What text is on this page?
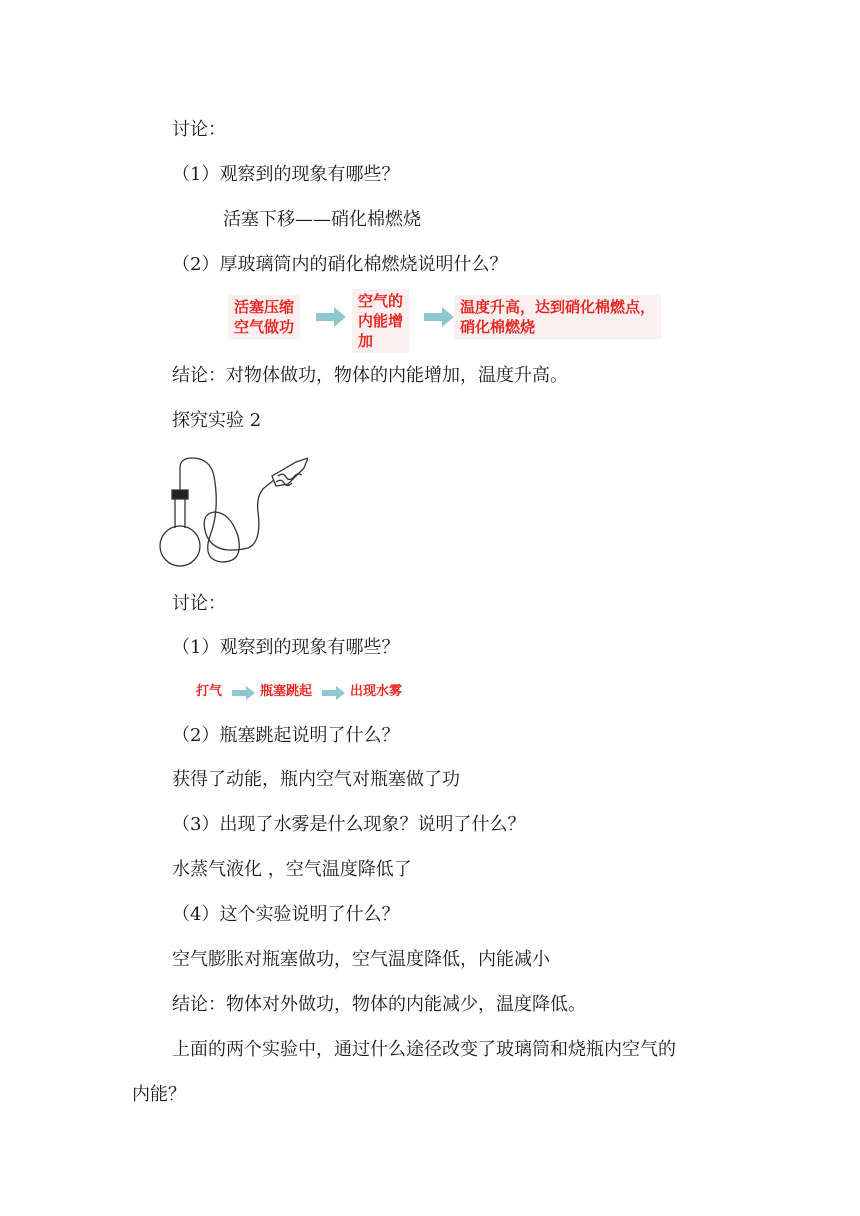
讨论：
（1）观察到的现象有哪些？
活塞下移——硝化棉燃烧
（2）厚玻璃筒内的硝化棉燃烧说明什么？
活塞压缩
空气做功
空气的
内能增
加
温度升高，达到硝化棉燃点，
硝化棉燃烧
结论：对物体做功，物体的内能增加，温度升高。
探究实验 2
讨论：
（1）观察到的现象有哪些？
打气	瓶塞跳起	出现水雾
（2）瓶塞跳起说明了什么？
获得了动能，瓶内空气对瓶塞做了功
（3）出现了水雾是什么现象？说明了什么？
水蒸气液化 ，空气温度降低了
（4）这个实验说明了什么？
空气膨胀对瓶塞做功，空气温度降低，内能减小
结论：物体对外做功，物体的内能减少，温度降低。
上面的两个实验中，通过什么途径改变了玻璃筒和烧瓶内空气的
内能？
